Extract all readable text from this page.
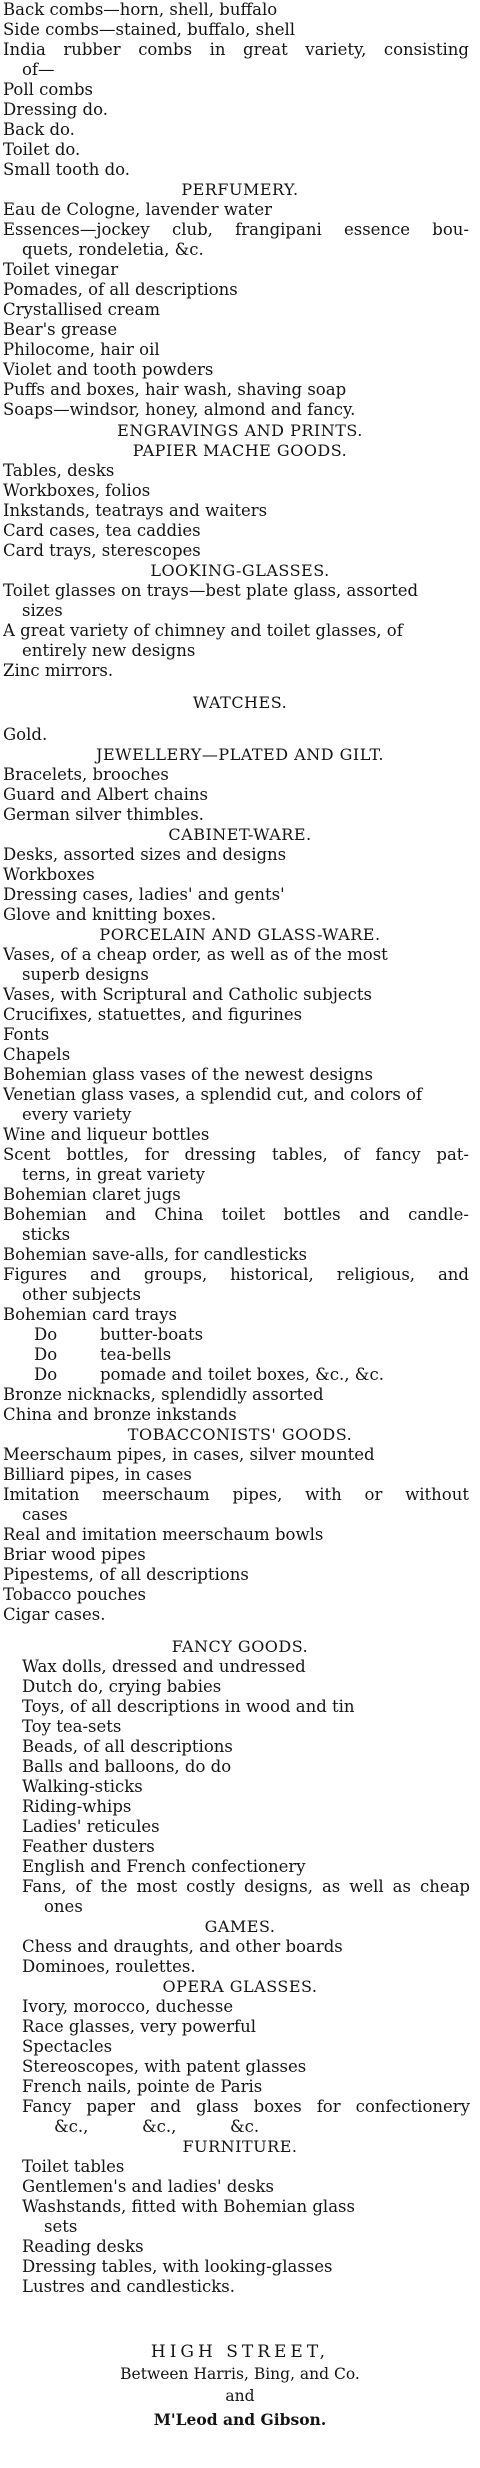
Back combs—horn, shell, buffalo
Side combs—stained, buffalo, shell
India rubber combs in great variety, consisting
of—
Poll combs
Dressing do.
Back do.
Toilet do.
Small tooth do.
PERFUMERY.
Eau de Cologne, lavender water
Essences—jockey club, frangipani essence bou-
quets, rondeletia, &c.
Toilet vinegar
Pomades, of all descriptions
Crystallised cream
Bear's grease
Philocome, hair oil
Violet and tooth powders
Puffs and boxes, hair wash, shaving soap
Soaps—windsor, honey, almond and fancy.
ENGRAVINGS AND PRINTS.
PAPIER MACHE GOODS.
Tables, desks
Workboxes, folios
Inkstands, teatrays and waiters
Card cases, tea caddies
Card trays, sterescopes
LOOKING-GLASSES.
Toilet glasses on trays—best plate glass, assorted
sizes
A great variety of chimney and toilet glasses, of
entirely new designs
Zinc mirrors.
WATCHES.
Gold.
JEWELLERY—PLATED AND GILT.
Bracelets, brooches
Guard and Albert chains
German silver thimbles.
CABINET-WARE.
Desks, assorted sizes and designs
Workboxes
Dressing cases, ladies' and gents'
Glove and knitting boxes.
PORCELAIN AND GLASS-WARE.
Vases, of a cheap order, as well as of the most
superb designs
Vases, with Scriptural and Catholic subjects
Crucifixes, statuettes, and figurines
Fonts
Chapels
Bohemian glass vases of the newest designs
Venetian glass vases, a splendid cut, and colors of
every variety
Wine and liqueur bottles
Scent bottles, for dressing tables, of fancy pat-
terns, in great variety
Bohemian claret jugs
Bohemian and China toilet bottles and candle-
sticks
Bohemian save-alls, for candlesticks
Figures and groups, historical, religious, and
other subjects
Bohemian card trays
Do	butter-boats
Do	tea-bells
Do	pomade and toilet boxes, &c., &c.
Bronze nicknacks, splendidly assorted
China and bronze inkstands
TOBACCONISTS' GOODS.
Meerschaum pipes, in cases, silver mounted
Billiard pipes, in cases
Imitation meerschaum pipes, with or without
cases
Real and imitation meerschaum bowls
Briar wood pipes
Pipestems, of all descriptions
Tobacco pouches
Cigar cases.
FANCY GOODS.
Wax dolls, dressed and undressed
Dutch do, crying babies
Toys, of all descriptions in wood and tin
Toy tea-sets
Beads, of all descriptions
Balls and balloons, do do
Walking-sticks
Riding-whips
Ladies' reticules
Feather dusters
English and French confectionery
Fans, of the most costly designs, as well as cheap
ones
GAMES.
Chess and draughts, and other boards
Dominoes, roulettes.
OPERA GLASSES.
Ivory, morocco, duchesse
Race glasses, very powerful
Spectacles
Stereoscopes, with patent glasses
French nails, pointe de Paris
Fancy paper and glass boxes for confectionery
&c.,	&c.,	&c.
FURNITURE.
Toilet tables
Gentlemen's and ladies' desks
Washstands, fitted with Bohemian glass
sets
Reading desks
Dressing tables, with looking-glasses
Lustres and candlesticks.
HIGH STREET,
Between Harris, Bing, and Co.
and
M'Leod and Gibson.
